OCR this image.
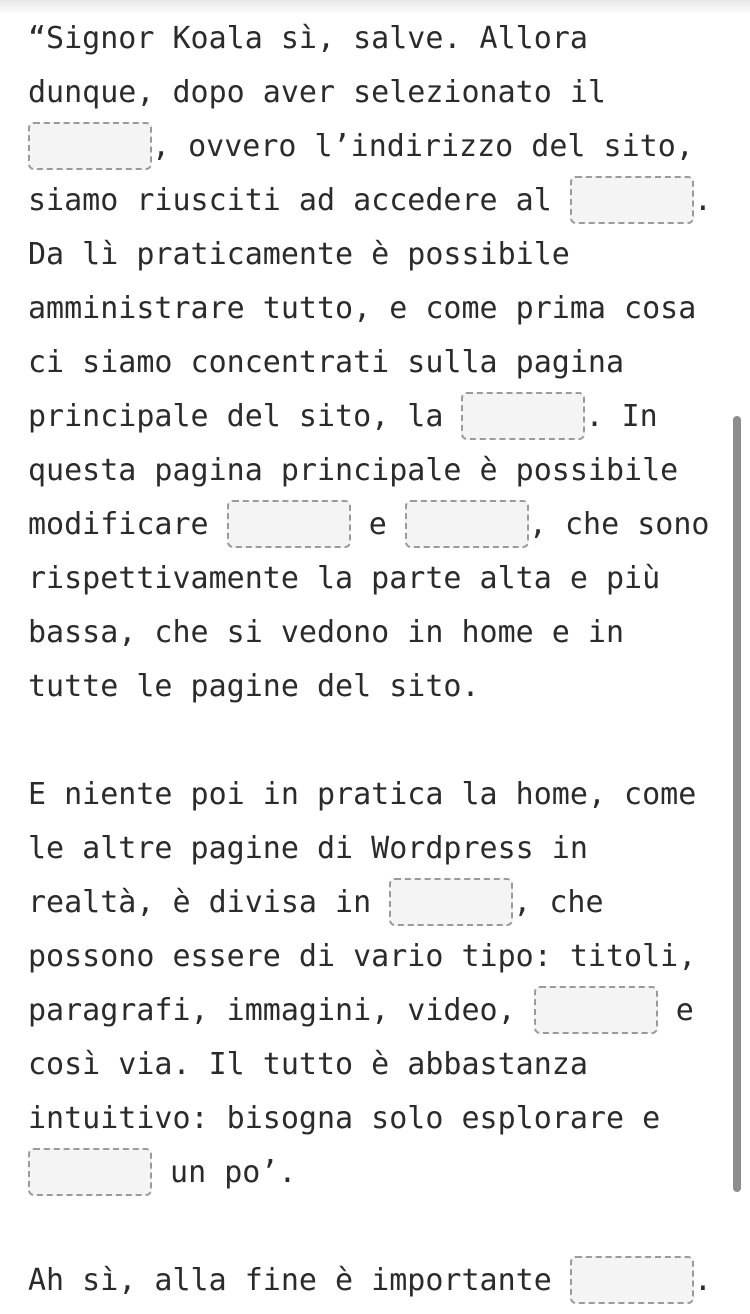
“Signor Koala sì, salve. Allora dunque, dopo aver selezionato il , ovvero l’indirizzo del sito, siamo riusciti ad accedere al	. Da lì praticamente è possibile amministrare tutto, e come prima cosa ci siamo concentrati sulla pagina principale del sito, la	. In questa pagina principale è possibile modificare	e	, che sono rispettivamente la parte alta e più bassa, che si vedono in home e in tutte le pagine del sito.

E niente poi in pratica la home, come le altre pagine di Wordpress in realtà, è divisa in	, che possono essere di vario tipo: titoli, paragrafi, immagini, video,	e così via. Il tutto è abbastanza intuitivo: bisogna solo esplorare e  un po’.

Ah sì, alla fine è importante	.
